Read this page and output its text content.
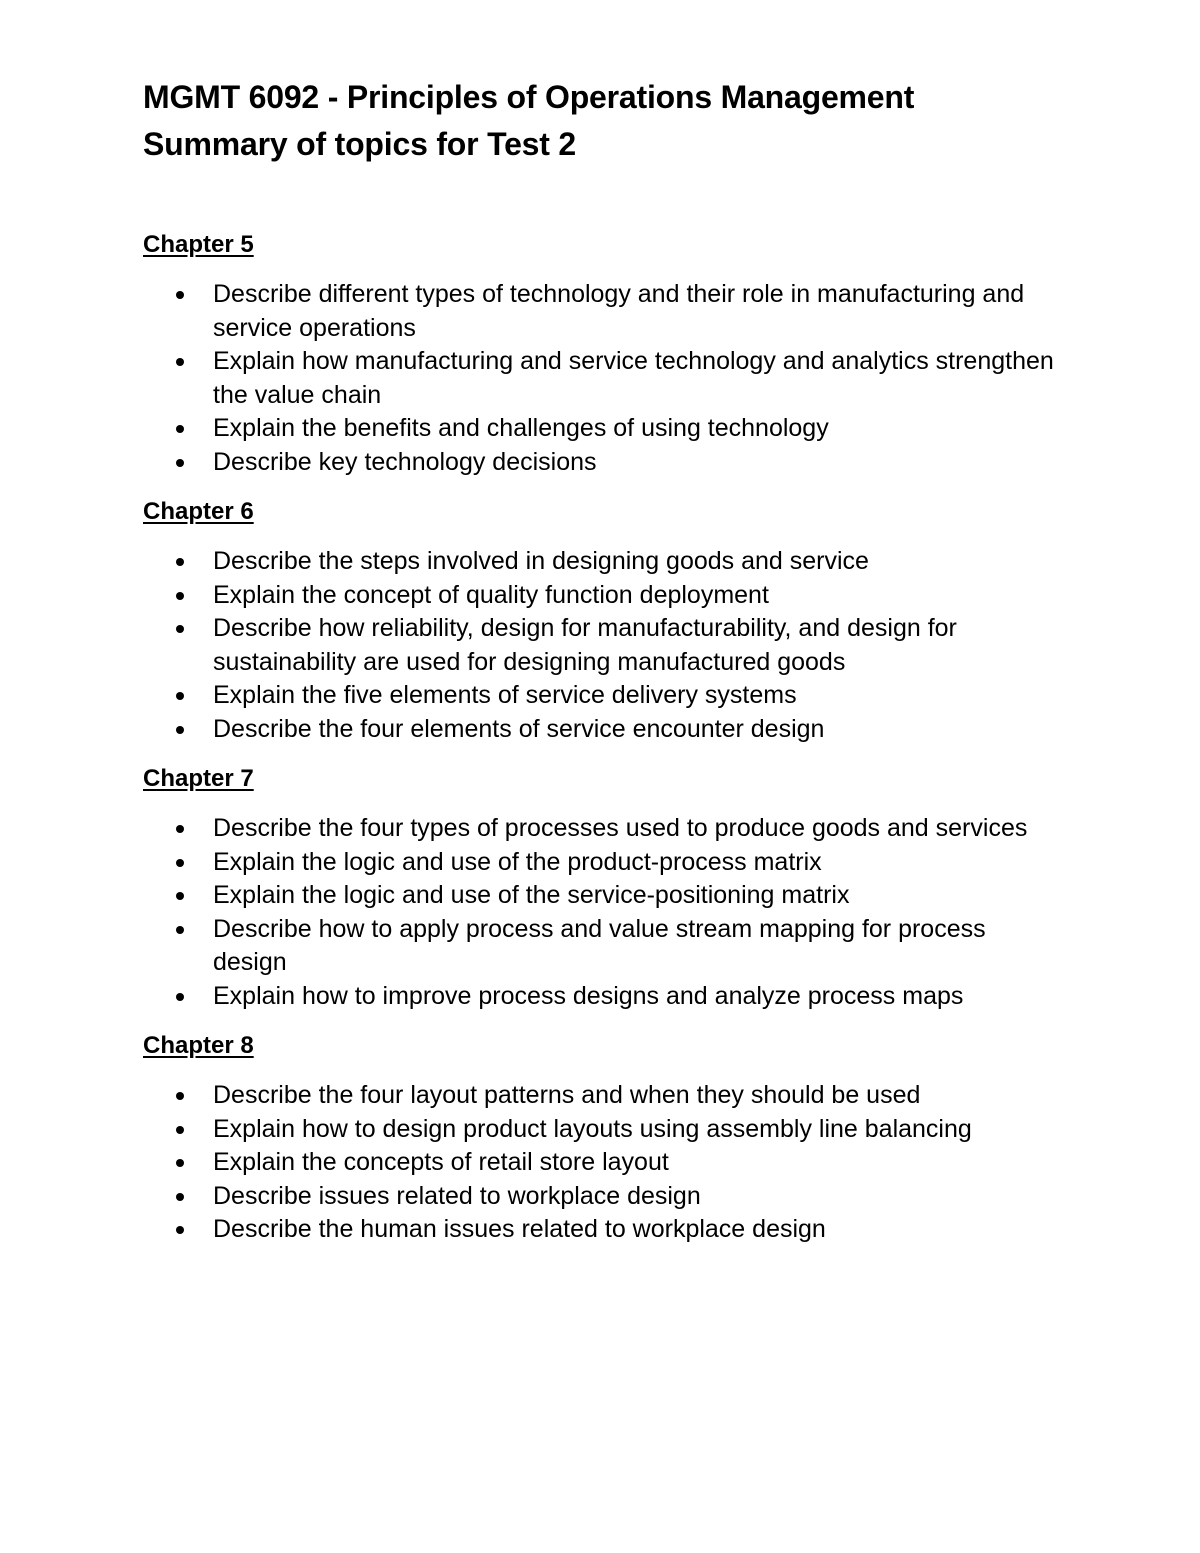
MGMT 6092 - Principles of Operations Management
Summary of topics for Test 2
Chapter 5
Describe different types of technology and their role in manufacturing and service operations
Explain how manufacturing and service technology and analytics strengthen the value chain
Explain the benefits and challenges of using technology
Describe key technology decisions
Chapter 6
Describe the steps involved in designing goods and service
Explain the concept of quality function deployment
Describe how reliability, design for manufacturability, and design for sustainability are used for designing manufactured goods
Explain the five elements of service delivery systems
Describe the four elements of service encounter design
Chapter 7
Describe the four types of processes used to produce goods and services
Explain the logic and use of the product-process matrix
Explain the logic and use of the service-positioning matrix
Describe how to apply process and value stream mapping for process design
Explain how to improve process designs and analyze process maps
Chapter 8
Describe the four layout patterns and when they should be used
Explain how to design product layouts using assembly line balancing
Explain the concepts of retail store layout
Describe issues related to workplace design
Describe the human issues related to workplace design
